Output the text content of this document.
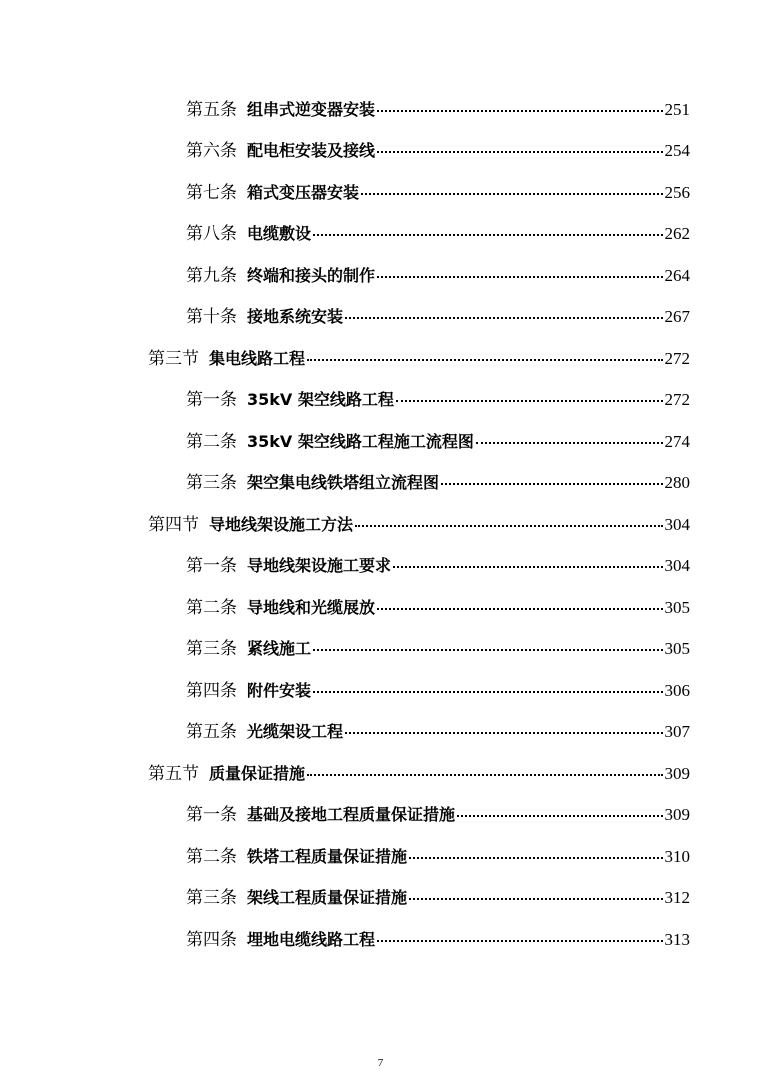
第五条 组串式逆变器安装	251
第六条 配电柜安装及接线	254
第七条 箱式变压器安装	256
第八条 电缆敷设	262
第九条 终端和接头的制作	264
第十条 接地系统安装	267
第三节 集电线路工程	272
第一条 35kV 架空线路工程	272
第二条 35kV 架空线路工程施工流程图	274
第三条 架空集电线铁塔组立流程图	280
第四节 导地线架设施工方法	304
第一条 导地线架设施工要求	304
第二条 导地线和光缆展放	305
第三条 紧线施工	305
第四条 附件安装	306
第五条 光缆架设工程	307
第五节 质量保证措施	309
第一条 基础及接地工程质量保证措施	309
第二条 铁塔工程质量保证措施	310
第三条 架线工程质量保证措施	312
第四条 埋地电缆线路工程	313
7
